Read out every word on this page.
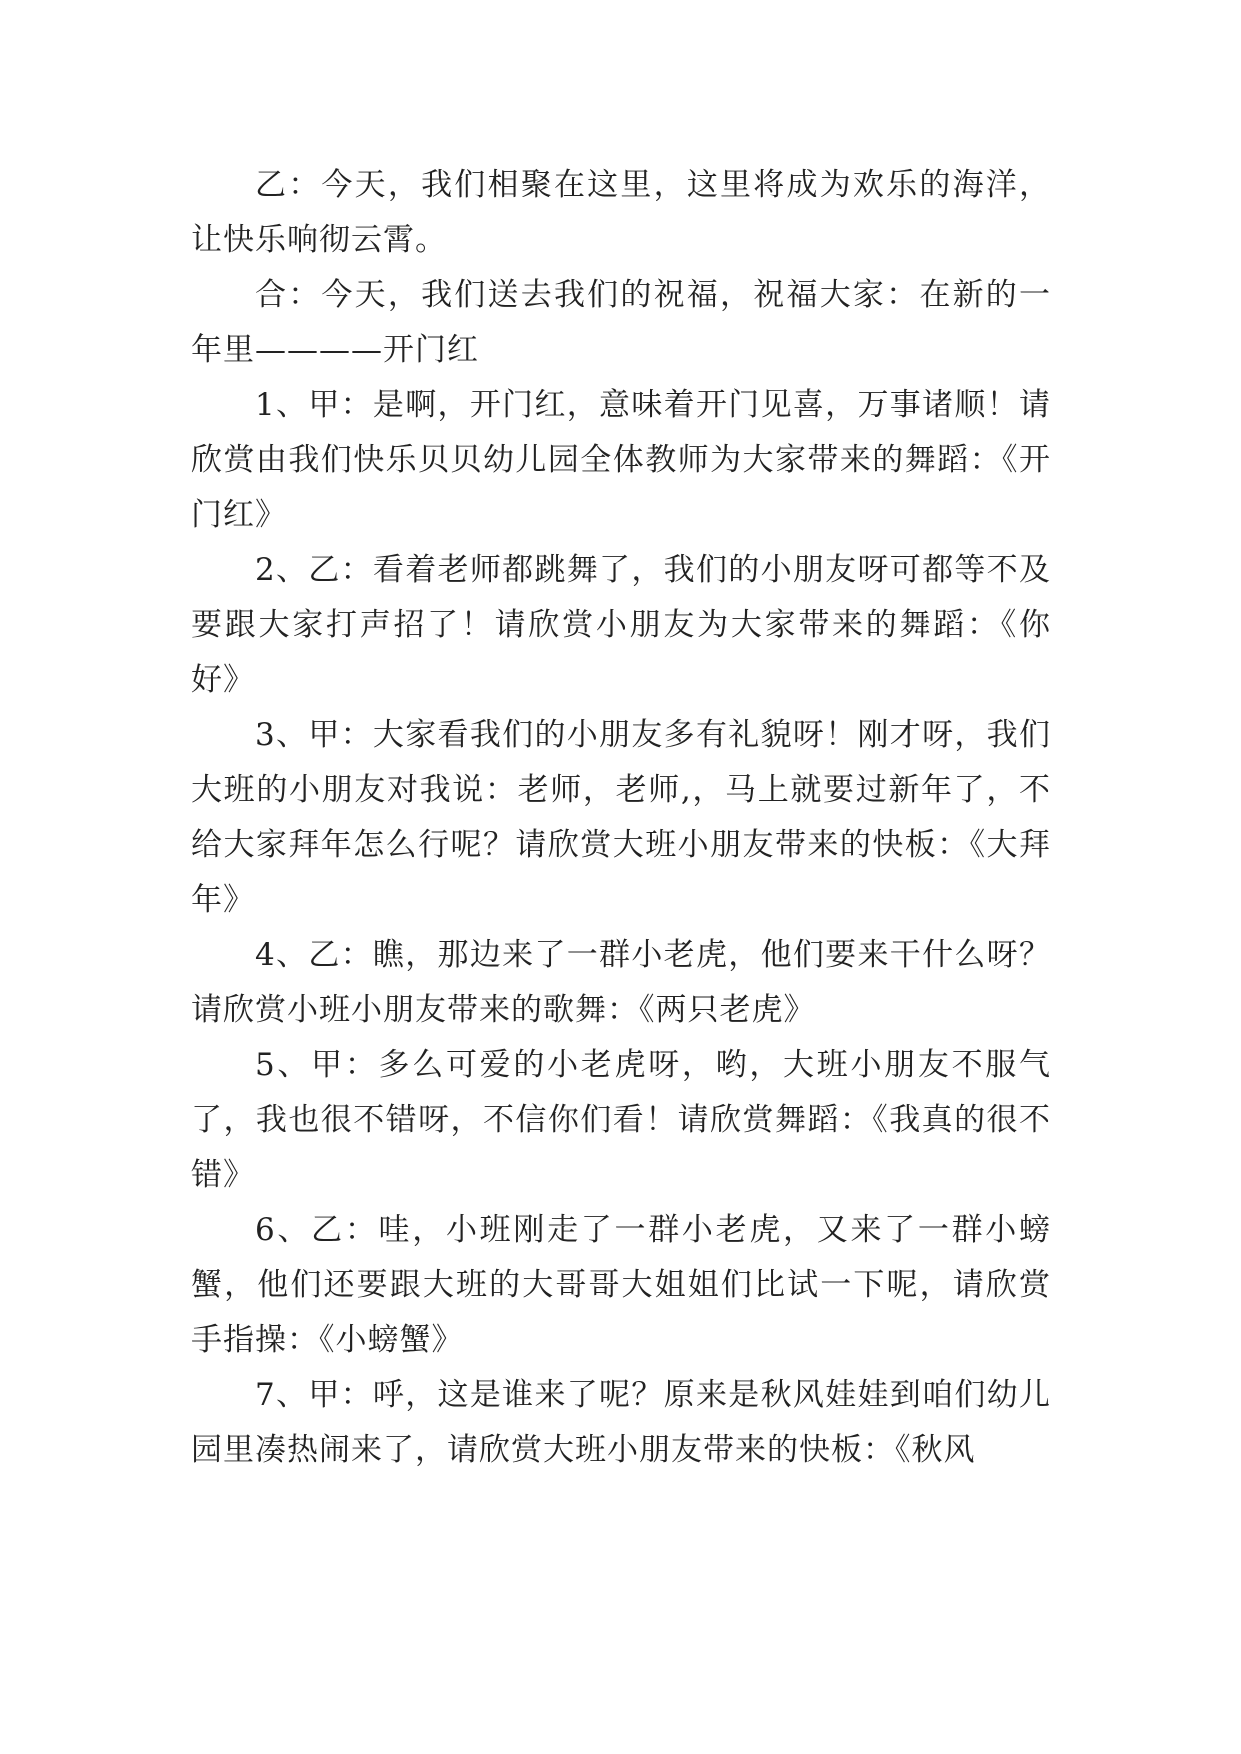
乙：今天，我们相聚在这里，这里将成为欢乐的海洋，让快乐响彻云霄。

合：今天，我们送去我们的祝福，祝福大家：在新的一年里————开门红

1、甲：是啊，开门红，意味着开门见喜，万事诸顺！请欣赏由我们快乐贝贝幼儿园全体教师为大家带来的舞蹈：《开门红》

2、乙：看着老师都跳舞了，我们的小朋友呀可都等不及要跟大家打声招了！请欣赏小朋友为大家带来的舞蹈：《你好》

3、甲：大家看我们的小朋友多有礼貌呀！刚才呀，我们大班的小朋友对我说：老师，老师,，马上就要过新年了，不给大家拜年怎么行呢？请欣赏大班小朋友带来的快板：《大拜年》

4、乙：瞧，那边来了一群小老虎，他们要来干什么呀？请欣赏小班小朋友带来的歌舞：《两只老虎》

5、甲：多么可爱的小老虎呀，哟，大班小朋友不服气了，我也很不错呀，不信你们看！请欣赏舞蹈：《我真的很不错》

6、乙：哇，小班刚走了一群小老虎，又来了一群小螃蟹，他们还要跟大班的大哥哥大姐姐们比试一下呢，请欣赏手指操：《小螃蟹》

7、甲：呼，这是谁来了呢？原来是秋风娃娃到咱们幼儿园里凑热闹来了，请欣赏大班小朋友带来的快板：《秋风
